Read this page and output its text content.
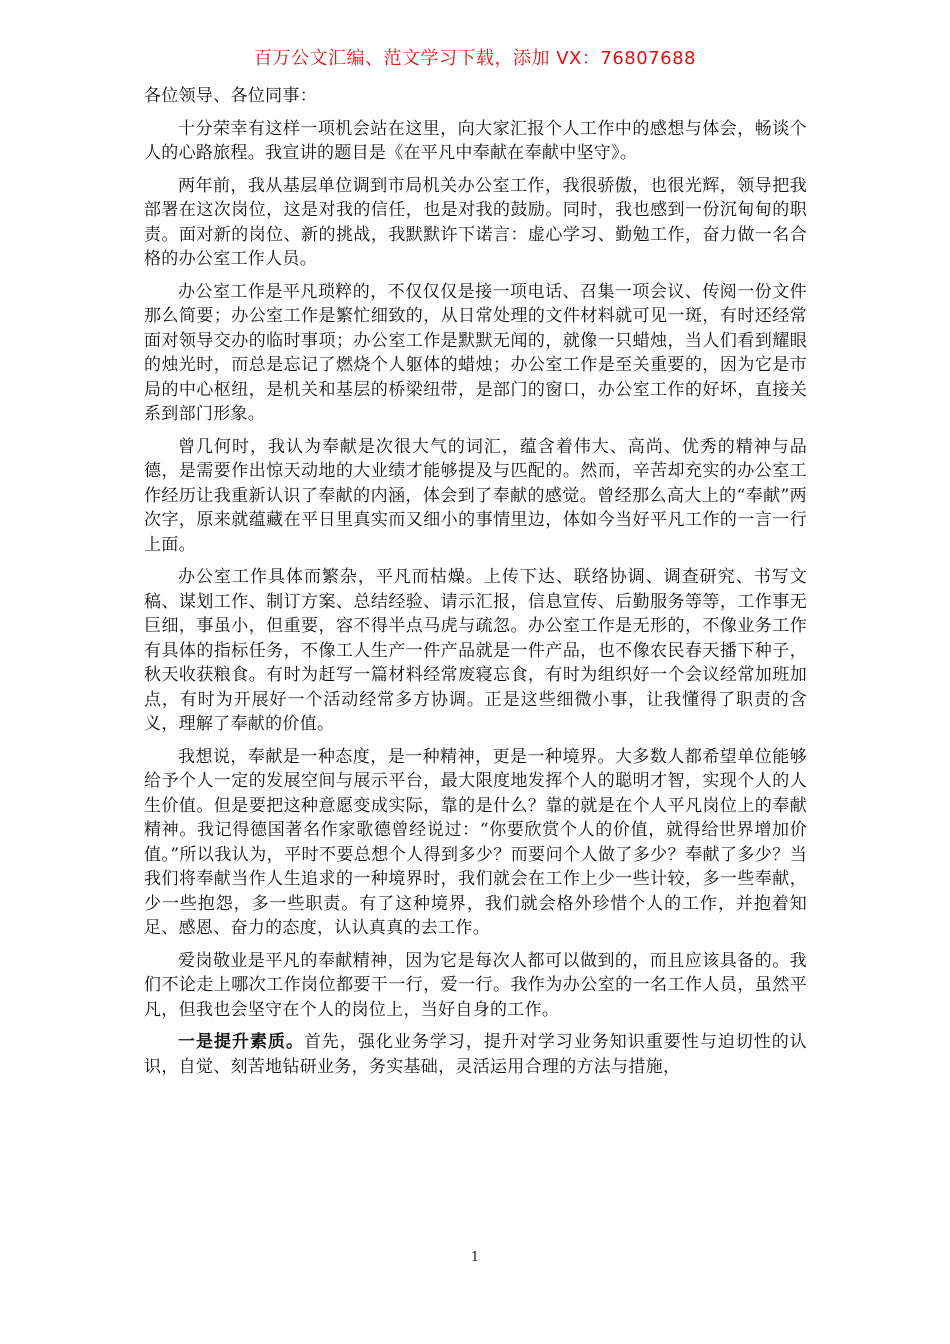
百万公文汇编、范文学习下载，添加 VX：76807688

各位领导、各位同事：

十分荣幸有这样一项机会站在这里，向大家汇报个人工作中的感想与体会，畅谈个人的心路旅程。我宣讲的题目是《在平凡中奉献在奉献中坚守》。

两年前，我从基层单位调到市局机关办公室工作，我很骄傲，也很光辉，领导把我部署在这次岗位，这是对我的信任，也是对我的鼓励。同时，我也感到一份沉甸甸的职责。面对新的岗位、新的挑战，我默默许下诺言：虚心学习、勤勉工作，奋力做一名合格的办公室工作人员。

办公室工作是平凡琐粹的，不仅仅仅是接一项电话、召集一项会议、传阅一份文件那么简要；办公室工作是繁忙细致的，从日常处理的文件材料就可见一斑，有时还经常面对领导交办的临时事项；办公室工作是默默无闻的，就像一只蜡烛，当人们看到耀眼的烛光时，而总是忘记了燃烧个人躯体的蜡烛；办公室工作是至关重要的，因为它是市局的中心枢纽，是机关和基层的桥梁纽带，是部门的窗口，办公室工作的好坏，直接关系到部门形象。

曾几何时，我认为奉献是次很大气的词汇，蕴含着伟大、高尚、优秀的精神与品德，是需要作出惊天动地的大业绩才能够提及与匹配的。然而，辛苦却充实的办公室工作经历让我重新认识了奉献的内涵，体会到了奉献的感觉。曾经那么高大上的“奉献”两次字，原来就蕴藏在平日里真实而又细小的事情里边，体如今当好平凡工作的一言一行上面。

办公室工作具体而繁杂，平凡而枯燥。上传下达、联络协调、调查研究、书写文稿、谋划工作、制订方案、总结经验、请示汇报，信息宣传、后勤服务等等，工作事无巨细，事虽小，但重要，容不得半点马虎与疏忽。办公室工作是无形的，不像业务工作有具体的指标任务，不像工人生产一件产品就是一件产品，也不像农民春天播下种子，秋天收获粮食。有时为赶写一篇材料经常废寝忘食，有时为组织好一个会议经常加班加点，有时为开展好一个活动经常多方协调。正是这些细微小事，让我懂得了职责的含义，理解了奉献的价值。

我想说，奉献是一种态度，是一种精神，更是一种境界。大多数人都希望单位能够给予个人一定的发展空间与展示平台，最大限度地发挥个人的聪明才智，实现个人的人生价值。但是要把这种意愿变成实际，靠的是什么？靠的就是在个人平凡岗位上的奉献精神。我记得德国著名作家歌德曾经说过：“你要欣赏个人的价值，就得给世界增加价值。”所以我认为，平时不要总想个人得到多少？而要问个人做了多少？奉献了多少？当我们将奉献当作人生追求的一种境界时，我们就会在工作上少一些计较，多一些奉献，少一些抱怨，多一些职责。有了这种境界，我们就会格外珍惜个人的工作，并抱着知足、感恩、奋力的态度，认认真真的去工作。

爱岗敬业是平凡的奉献精神，因为它是每次人都可以做到的，而且应该具备的。我们不论走上哪次工作岗位都要干一行，爱一行。我作为办公室的一名工作人员，虽然平凡，但我也会坚守在个人的岗位上，当好自身的工作。

一是提升素质。首先，强化业务学习，提升对学习业务知识重要性与迫切性的认识，自觉、刻苦地钻研业务，务实基础，灵活运用合理的方法与措施，

1
